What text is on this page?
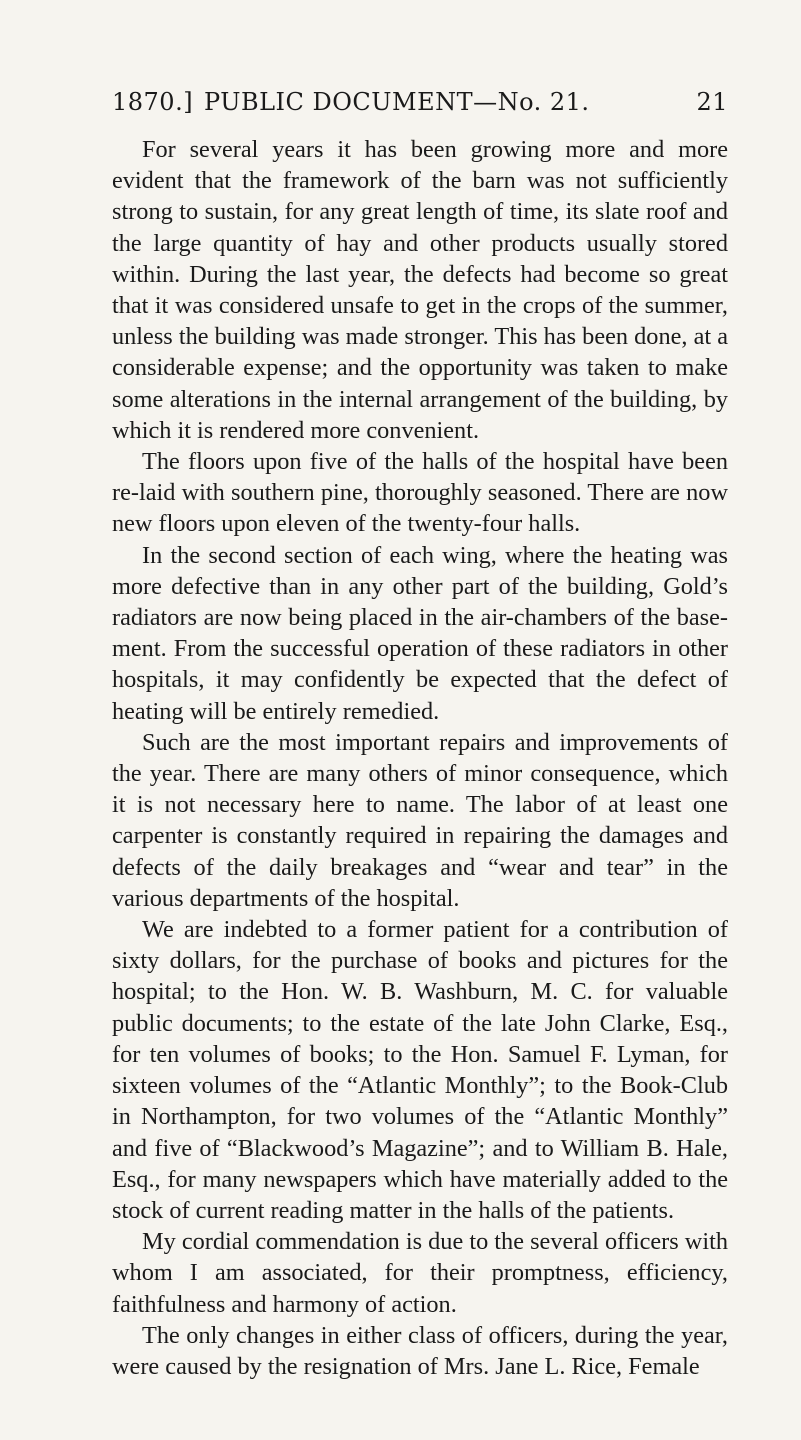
1870.] PUBLIC DOCUMENT—No. 21.	21

For several years it has been growing more and more evident that the framework of the barn was not sufficiently strong to sustain, for any great length of time, its slate roof and the large quantity of hay and other products usually stored within. During the last year, the defects had become so great that it was considered unsafe to get in the crops of the summer, unless the building was made stronger. This has been done, at a considerable expense; and the opportunity was taken to make some alterations in the internal arrangement of the building, by which it is rendered more convenient.

The floors upon five of the halls of the hospital have been re-laid with southern pine, thoroughly seasoned. There are now new floors upon eleven of the twenty-four halls.

In the second section of each wing, where the heating was more defective than in any other part of the building, Gold’s radiators are now being placed in the air-chambers of the basement. From the successful operation of these radiators in other hospitals, it may confidently be expected that the defect of heating will be entirely remedied.

Such are the most important repairs and improvements of the year. There are many others of minor consequence, which it is not necessary here to name. The labor of at least one carpenter is constantly required in repairing the damages and defects of the daily breakages and “wear and tear” in the various departments of the hospital.

We are indebted to a former patient for a contribution of sixty dollars, for the purchase of books and pictures for the hospital; to the Hon. W. B. Washburn, M. C. for valuable public documents; to the estate of the late John Clarke, Esq., for ten volumes of books; to the Hon. Samuel F. Lyman, for sixteen volumes of the “Atlantic Monthly”; to the Book-Club in Northampton, for two volumes of the “Atlantic Monthly” and five of “Blackwood’s Magazine”; and to William B. Hale, Esq., for many newspapers which have materially added to the stock of current reading matter in the halls of the patients.

My cordial commendation is due to the several officers with whom I am associated, for their promptness, efficiency, faithfulness and harmony of action.

The only changes in either class of officers, during the year, were caused by the resignation of Mrs. Jane L. Rice, Female
